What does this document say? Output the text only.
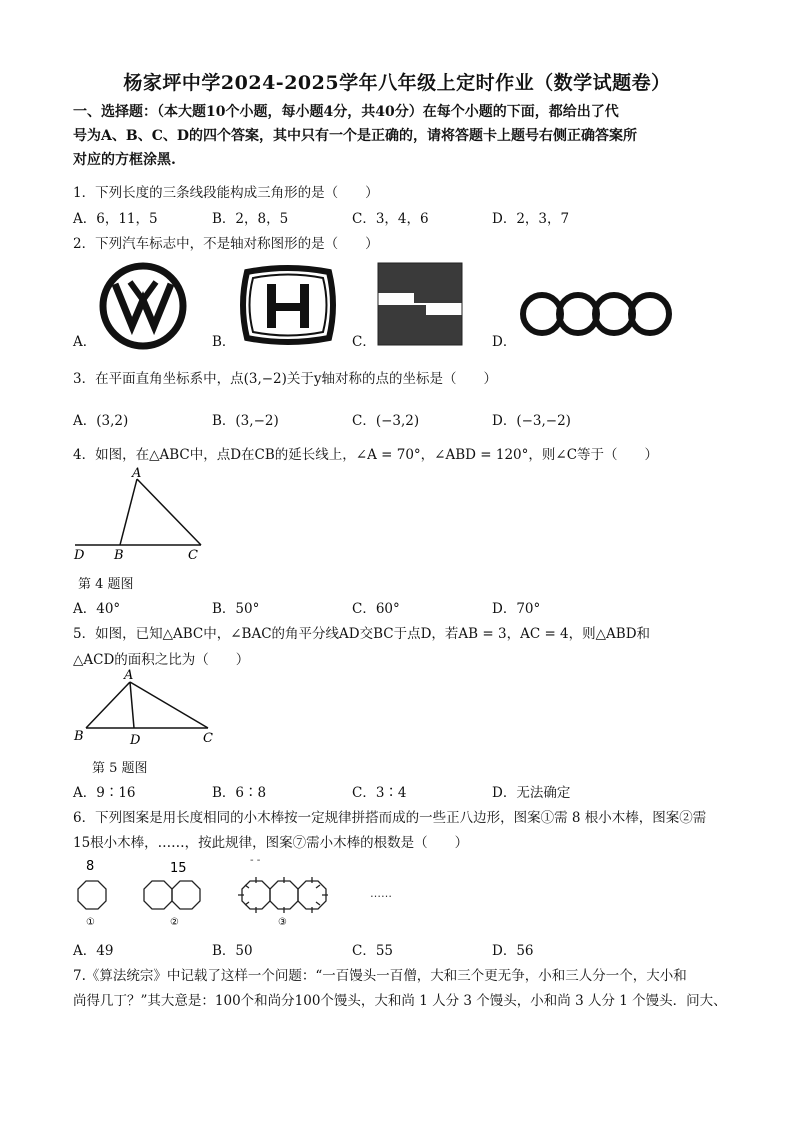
杨家坪中学2024-2025学年八年级上定时作业（数学试题卷）
一、选择题：（本大题10个小题，每小题4分，共40分）在每个小题的下面，都给出了代
号为A、B、C、D的四个答案，其中只有一个是正确的，请将答题卡上题号右侧正确答案所
对应的方框涂黑.
1．下列长度的三条线段能构成三角形的是（　　）
A．6，11，5	B．2，8，5	C．3，4，6	D．2，3，7
2．下列汽车标志中，不是轴对称图形的是（　　）
A．	B．	C．	D．
3．在平面直角坐标系中，点(3,−2)关于y轴对称的点的坐标是（　　）
A．(3,2)	B．(3,−2)	C．(−3,2)	D．(−3,−2)
4．如图，在△ABC中，点D在CB的延长线上，∠A = 70°，∠ABD = 120°，则∠C等于（　　）
A
B	C
D
第 4 题图
A．40°	B．50°	C．60°	D．70°
5．如图，已知△ABC中，∠BAC的角平分线AD交BC于点D，若AB = 3，AC = 4，则△ABD和
△ACD的面积之比为（　　）
A
B	D	C
第 5 题图
A．9∶16	B．6∶8	C．3∶4	D．无法确定
6．下列图案是用长度相同的小木棒按一定规律拼搭而成的一些正八边形，图案①需 8 根小木棒，图案②需
15根小木棒，……，按此规律，图案⑦需小木棒的根数是（　　）
8	15
- -
……
①	②	③
A．49	B．50	C．55	D．56
7.《算法统宗》中记载了这样一个问题：“一百馒头一百僧，大和三个更无争，小和三人分一个，大小和
尚得几丁？”其大意是：100个和尚分100个馒头，大和尚 1 人分 3 个馒头，小和尚 3 人分 1 个馒头．问大、
